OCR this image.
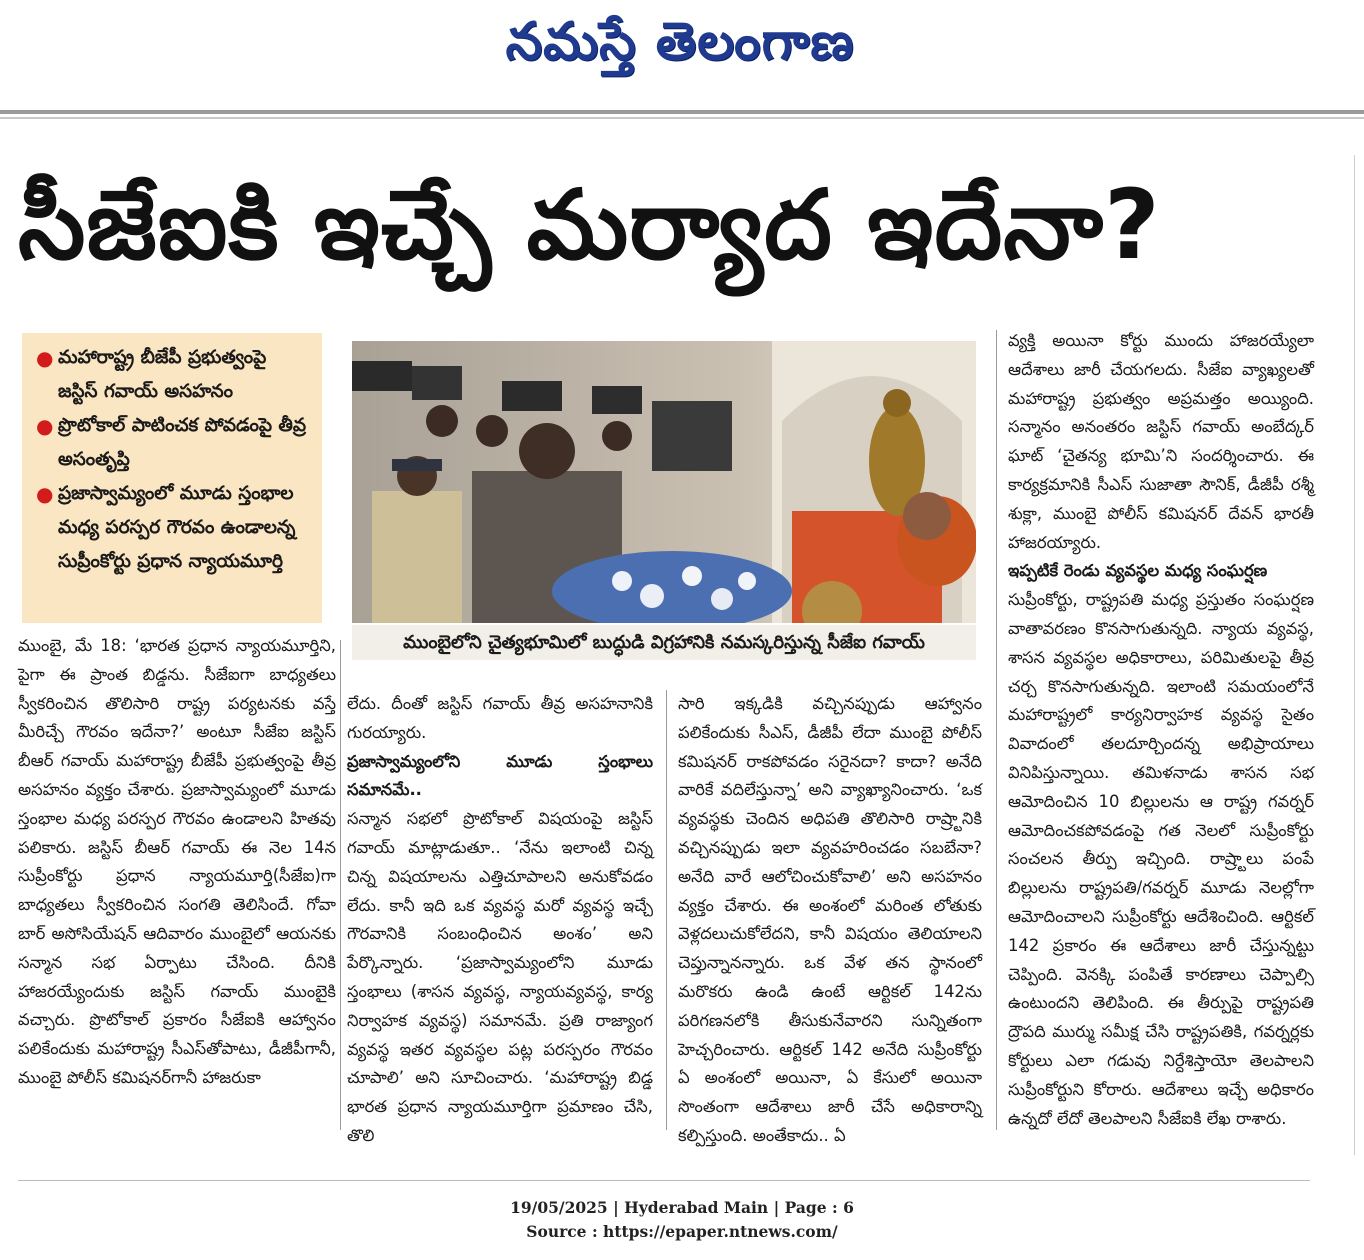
నమస్తే తెలంగాణ
సీజేఐకి ఇచ్చే మర్యాద ఇదేనా?

● మహారాష్ట్ర బీజేపీ ప్రభుత్వంపై జస్టిస్ గవాయ్ అసహనం

● ప్రొటోకాల్ పాటించక పోవడంపై తీవ్ర అసంతృప్తి

● ప్రజాస్వామ్యంలో మూడు స్తంభాల మధ్య పరస్పర గౌరవం ఉండాలన్న సుప్రీంకోర్టు ప్రధాన న్యాయమూర్తి

ముంబైలోని చైత్యభూమిలో బుద్ధుడి విగ్రహానికి నమస్కరిస్తున్న సీజేఐ గవాయ్

ముంబై, మే 18: ‘భారత ప్రధాన న్యాయమూర్తిని, పైగా ఈ ప్రాంత బిడ్డను. సీజేఐగా బాధ్యతలు స్వీకరించిన తొలిసారి రాష్ట్ర పర్యటనకు వస్తే మీరిచ్చే గౌరవం ఇదేనా?’ అంటూ సీజేఐ జస్టిస్ బీఆర్ గవాయ్ మహారాష్ట్ర బీజేపీ ప్రభుత్వంపై తీవ్ర అసహనం వ్యక్తం చేశారు. ప్రజాస్వామ్యంలో మూడు స్తంభాల మధ్య పరస్పర గౌరవం ఉండాలని హితవు పలికారు. జస్టిస్ బీఆర్ గవాయ్ ఈ నెల 14న సుప్రీంకోర్టు ప్రధాన న్యాయమూర్తి(సీజేఐ)గా బాధ్యతలు స్వీకరించిన సంగతి తెలిసిందే. గోవా బార్ అసోసియేషన్ ఆదివారం ముంబైలో ఆయనకు సన్మాన సభ ఏర్పాటు చేసింది. దీనికి హాజరయ్యేందుకు జస్టిస్ గవాయ్ ముంబైకి వచ్చారు. ప్రొటోకాల్ ప్రకారం సీజేఐకి ఆహ్వానం పలికేందుకు మహారాష్ట్ర సీఎస్‌తోపాటు, డీజీపీగానీ, ముంబై పోలీస్ కమిషనర్‌గానీ హాజరుకా

లేదు. దీంతో జస్టిస్ గవాయ్ తీవ్ర అసహనానికి గురయ్యారు.

ప్రజాస్వామ్యంలోని మూడు స్తంభాలు సమానమే..

సన్మాన సభలో ప్రొటోకాల్ విషయంపై జస్టిస్ గవాయ్ మాట్లాడుతూ.. ‘నేను ఇలాంటి చిన్న చిన్న విషయాలను ఎత్తిచూపాలని అనుకోవడం లేదు. కానీ ఇది ఒక వ్యవస్థ మరో వ్యవస్థ ఇచ్చే గౌరవానికి సంబంధించిన అంశం’ అని పేర్కొన్నారు. ‘ప్రజాస్వామ్యంలోని మూడు స్తంభాలు (శాసన వ్యవస్థ, న్యాయవ్యవస్థ, కార్య నిర్వాహక వ్యవస్థ) సమానమే. ప్రతి రాజ్యాంగ వ్యవస్థ ఇతర వ్యవస్థల పట్ల పరస్పరం గౌరవం చూపాలి’ అని సూచించారు. ‘మహారాష్ట్ర బిడ్డ భారత ప్రధాన న్యాయమూర్తిగా ప్రమాణం చేసి, తొలి

సారి ఇక్కడికి వచ్చినప్పుడు ఆహ్వానం పలికేందుకు సీఎస్, డీజీపీ లేదా ముంబై పోలీస్ కమిషనర్ రాకపోవడం సరైనదా? కాదా? అనేది వారికే వదిలేస్తున్నా’ అని వ్యాఖ్యానించారు. ‘ఒక వ్యవస్థకు చెందిన అధిపతి తొలిసారి రాష్ర్టానికి వచ్చినప్పుడు ఇలా వ్యవహరించడం సబబేనా? అనేది వారే ఆలోచించుకోవాలి’ అని అసహనం వ్యక్తం చేశారు. ఈ అంశంలో మరింత లోతుకు వెళ్లదలుచుకోలేదని, కానీ విషయం తెలియాలని చెప్తున్నానన్నారు. ఒక వేళ తన స్థానంలో మరొకరు ఉండి ఉంటే ఆర్టికల్ 142ను పరిగణనలోకి తీసుకునేవారని సున్నితంగా హెచ్చరించారు. ఆర్టికల్ 142 అనేది సుప్రీంకోర్టు ఏ అంశంలో అయినా, ఏ కేసులో అయినా సొంతంగా ఆదేశాలు జారీ చేసే అధికారాన్ని కల్పిస్తుంది. అంతేకాదు.. ఏ

వ్యక్తి అయినా కోర్టు ముందు హాజరయ్యేలా ఆదేశాలు జారీ చేయగలదు. సీజేఐ వ్యాఖ్యలతో మహారాష్ట్ర ప్రభుత్వం అప్రమత్తం అయ్యింది. సన్మానం అనంతరం జస్టిస్ గవాయ్ అంబేద్కర్ ఘాట్ ‘చైతన్య భూమి’ని సందర్శించారు. ఈ కార్యక్రమానికి సీఎస్ సుజాతా సౌనిక్, డీజీపీ రశ్మీ శుక్లా, ముంబై పోలీస్ కమిషనర్ దేవన్ భారతీ హాజరయ్యారు.

ఇప్పటికే రెండు వ్యవస్థల మధ్య సంఘర్షణ

సుప్రీంకోర్టు, రాష్ట్రపతి మధ్య ప్రస్తుతం సంఘర్షణ వాతావరణం కొనసాగుతున్నది. న్యాయ వ్యవస్థ, శాసన వ్యవస్థల అధికారాలు, పరిమితులపై తీవ్ర చర్చ కొనసాగుతున్నది. ఇలాంటి సమయంలోనే మహారాష్ట్రలో కార్యనిర్వాహక వ్యవస్థ సైతం వివాదంలో తలదూర్చిందన్న అభిప్రాయాలు వినిపిస్తున్నాయి. తమిళనాడు శాసన సభ ఆమోదించిన 10 బిల్లులను ఆ రాష్ట్ర గవర్నర్ ఆమోదించకపోవడంపై గత నెలలో సుప్రీంకోర్టు సంచలన తీర్పు ఇచ్చింది. రాష్ర్టాలు పంపే బిల్లులను రాష్ట్రపతి/గవర్నర్ మూడు నెలల్లోగా ఆమోదించాలని సుప్రీంకోర్టు ఆదేశించింది. ఆర్టికల్ 142 ప్రకారం ఈ ఆదేశాలు జారీ చేస్తున్నట్టు చెప్పింది. వెనక్కి పంపితే కారణాలు చెప్పాల్సి ఉంటుందని తెలిపింది. ఈ తీర్పుపై రాష్ట్రపతి ద్రౌపది ముర్ము సమీక్ష చేసి రాష్ట్రపతికి, గవర్నర్లకు కోర్టులు ఎలా గడువు నిర్దేశిస్తాయో తెలపాలని సుప్రీంకోర్టుని కోరారు. ఆదేశాలు ఇచ్చే అధికారం ఉన్నదో లేదో తెలపాలని సీజేఐకి లేఖ రాశారు.

19/05/2025 | Hyderabad Main | Page : 6
Source : https://epaper.ntnews.com/
